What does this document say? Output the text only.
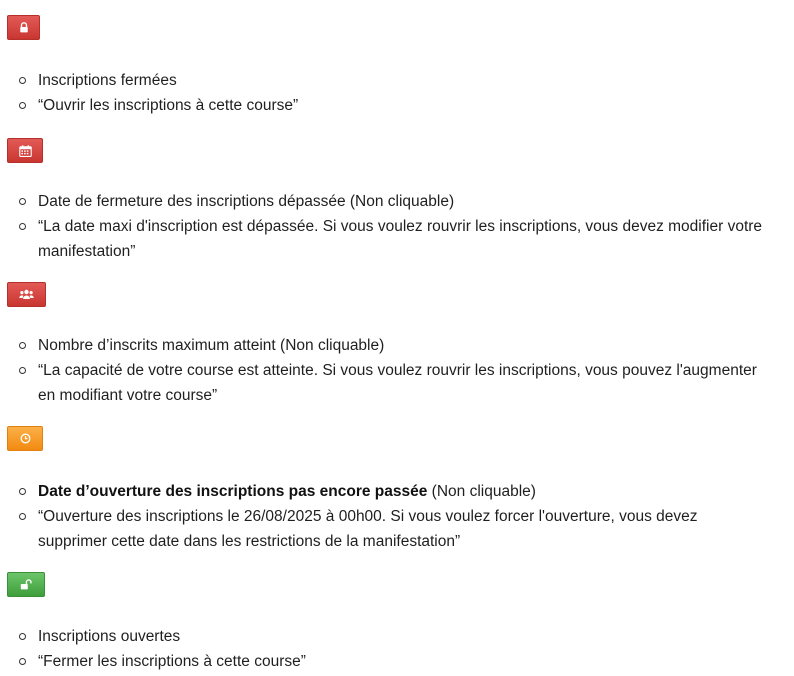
Inscriptions fermées
“Ouvrir les inscriptions à cette course”
Date de fermeture des inscriptions dépassée (Non cliquable)
“La date maxi d'inscription est dépassée. Si vous voulez rouvrir les inscriptions, vous devez modifier votre manifestation”
Nombre d’inscrits maximum atteint (Non cliquable)
“La capacité de votre course est atteinte. Si vous voulez rouvrir les inscriptions, vous pouvez l'augmenter en modifiant votre course”
Date d’ouverture des inscriptions pas encore passée (Non cliquable)
“Ouverture des inscriptions le 26/08/2025 à 00h00. Si vous voulez forcer l'ouverture, vous devez supprimer cette date dans les restrictions de la manifestation”
Inscriptions ouvertes
“Fermer les inscriptions à cette course”
